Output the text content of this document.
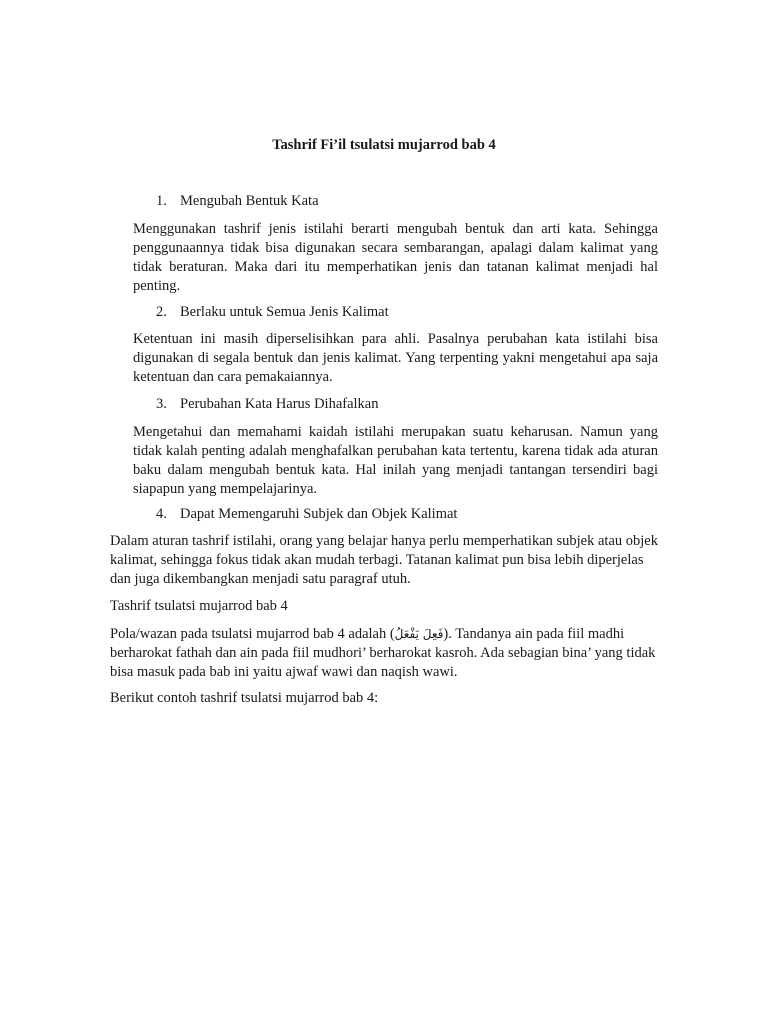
Tashrif Fi’il tsulatsi mujarrod bab 4
1. Mengubah Bentuk Kata
Menggunakan tashrif jenis istilahi berarti mengubah bentuk dan arti kata. Sehingga penggunaannya tidak bisa digunakan secara sembarangan, apalagi dalam kalimat yang tidak beraturan. Maka dari itu memperhatikan jenis dan tatanan kalimat menjadi hal penting.
2. Berlaku untuk Semua Jenis Kalimat
Ketentuan ini masih diperselisihkan para ahli. Pasalnya perubahan kata istilahi bisa digunakan di segala bentuk dan jenis kalimat. Yang terpenting yakni mengetahui apa saja ketentuan dan cara pemakaiannya.
3. Perubahan Kata Harus Dihafalkan
Mengetahui dan memahami kaidah istilahi merupakan suatu keharusan. Namun yang tidak kalah penting adalah menghafalkan perubahan kata tertentu, karena tidak ada aturan baku dalam mengubah bentuk kata. Hal inilah yang menjadi tantangan tersendiri bagi siapapun yang mempelajarinya.
4. Dapat Memengaruhi Subjek dan Objek Kalimat
Dalam aturan tashrif istilahi, orang yang belajar hanya perlu memperhatikan subjek atau objek kalimat, sehingga fokus tidak akan mudah terbagi. Tatanan kalimat pun bisa lebih diperjelas dan juga dikembangkan menjadi satu paragraf utuh.
Tashrif tsulatsi mujarrod bab 4
Pola/wazan pada tsulatsi mujarrod bab 4 adalah (فَعِلَ يَفْعَلُ). Tandanya ain pada fiil madhi berharokat fathah dan ain pada fiil mudhori’ berharokat kasroh. Ada sebagian bina’ yang tidak bisa masuk pada bab ini yaitu ajwaf wawi dan naqish wawi.
Berikut contoh tashrif tsulatsi mujarrod bab 4:
